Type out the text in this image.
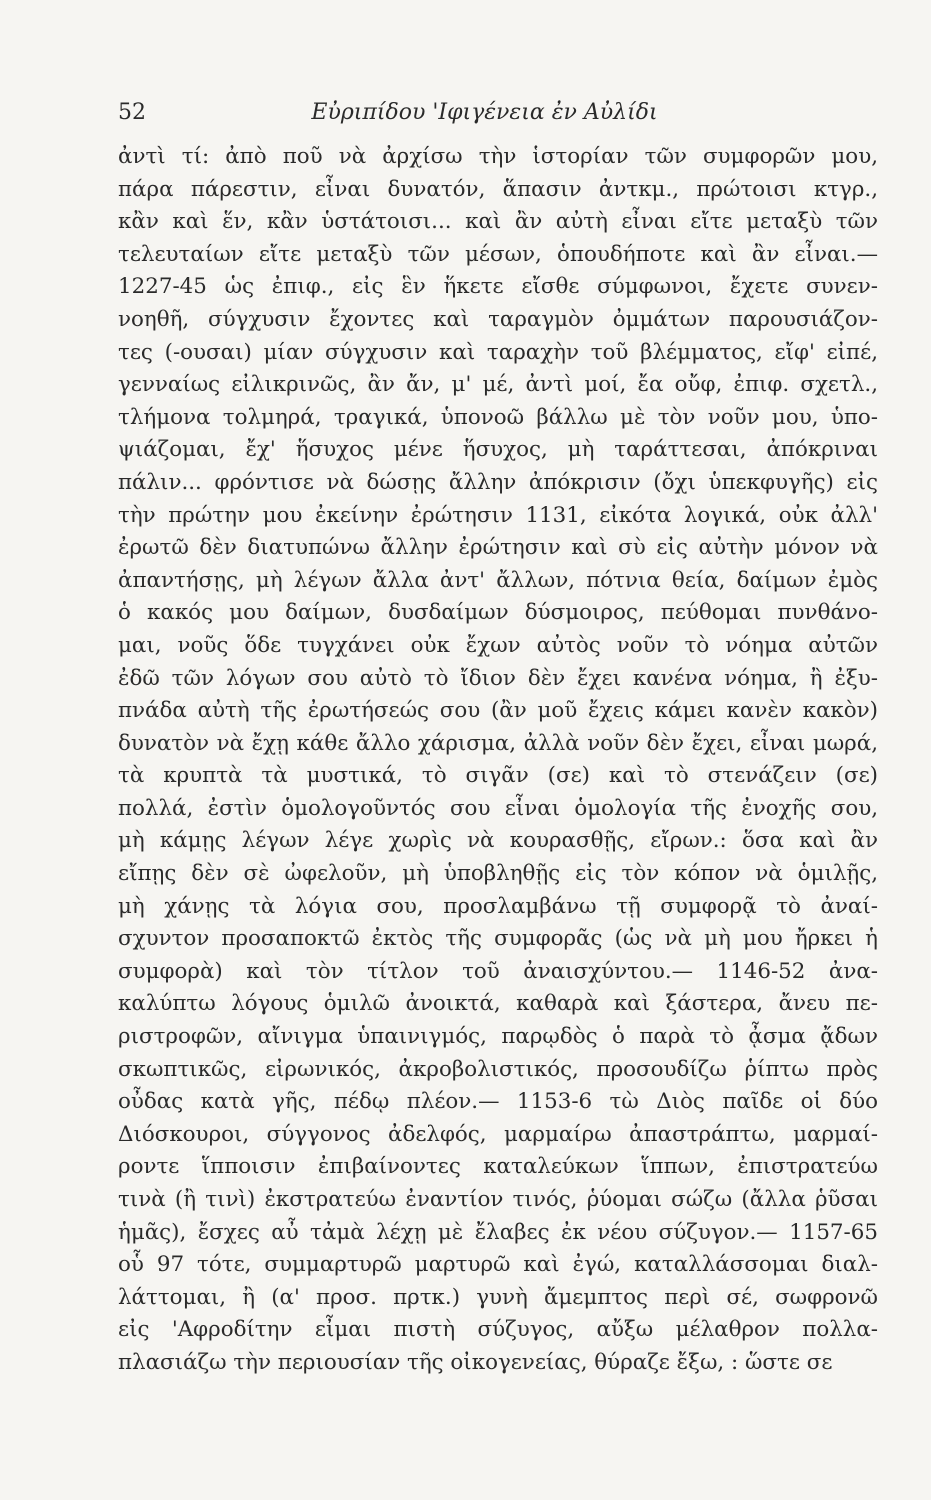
52	Εὐριπίδου 'Ιφιγένεια ἐν Αὐλίδι
ἀντὶ τί: ἀπὸ ποῦ νὰ ἀρχίσω τὴν ἱστορίαν τῶν συμφορῶν μου,
πάρα πάρεστιν, εἶναι δυνατόν, ἅπασιν ἀντκμ., πρώτοισι κτγρ.,
κἂν καὶ ἕν, κἂν ὑστάτοισι... καὶ ἂν αὐτὴ εἶναι εἴτε μεταξὺ τῶν
τελευταίων εἴτε μεταξὺ τῶν μέσων, ὁπουδήποτε καὶ ἂν εἶναι.—
1227-45 ὡς ἐπιφ., εἰς ἓν ἥκετε εἴσθε σύμφωνοι, ἔχετε συνεν-
νοηθῆ, σύγχυσιν ἔχοντες καὶ ταραγμὸν ὀμμάτων παρουσιάζον-
τες (-ουσαι) μίαν σύγχυσιν καὶ ταραχὴν τοῦ βλέμματος, εἴφ' εἰπέ,
γενναίως εἰλικρινῶς, ἂν ἄν, μ' μέ, ἀντὶ μοί, ἔα οὔφ, ἐπιφ. σχετλ.,
τλήμονα τολμηρά, τραγικά, ὑπονοῶ βάλλω μὲ τὸν νοῦν μου, ὑπο-
ψιάζομαι, ἔχ' ἥσυχος μένε ἥσυχος, μὴ ταράττεσαι, ἀπόκριναι
πάλιν... φρόντισε νὰ δώσῃς ἄλλην ἀπόκρισιν (ὄχι ὑπεκφυγῆς) εἰς
τὴν πρώτην μου ἐκείνην ἐρώτησιν 1131, εἰκότα λογικά, οὐκ ἀλλ'
ἐρωτῶ δὲν διατυπώνω ἄλλην ἐρώτησιν καὶ σὺ εἰς αὐτὴν μόνον νὰ
ἀπαντήσῃς, μὴ λέγων ἄλλα ἀντ' ἄλλων, πότνια θεία, δαίμων ἐμὸς
ὁ κακός μου δαίμων, δυσδαίμων δύσμοιρος, πεύθομαι πυνθάνο-
μαι, νοῦς ὅδε τυγχάνει οὐκ ἔχων αὐτὸς νοῦν τὸ νόημα αὐτῶν
ἐδῶ τῶν λόγων σου αὐτὸ τὸ ἴδιον δὲν ἔχει κανένα νόημα, ἢ ἐξυ-
πνάδα αὐτὴ τῆς ἐρωτήσεώς σου (ἂν μοῦ ἔχεις κάμει κανὲν κακὸν)
δυνατὸν νὰ ἔχῃ κάθε ἄλλο χάρισμα, ἀλλὰ νοῦν δὲν ἔχει, εἶναι μωρά,
τὰ κρυπτὰ τὰ μυστικά, τὸ σιγᾶν (σε) καὶ τὸ στενάζειν (σε)
πολλά, ἐστὶν ὁμολογοῦντός σου εἶναι ὁμολογία τῆς ἐνοχῆς σου,
μὴ κάμῃς λέγων λέγε χωρὶς νὰ κουρασθῇς, εἴρων.: ὅσα καὶ ἂν
εἴπῃς δὲν σὲ ὠφελοῦν, μὴ ὑποβληθῇς εἰς τὸν κόπον νὰ ὁμιλῇς,
μὴ χάνῃς τὰ λόγια σου, προσλαμβάνω τῇ συμφορᾷ τὸ ἀναί-
σχυντον προσαποκτῶ ἐκτὸς τῆς συμφορᾶς (ὡς νὰ μὴ μου ἤρκει ἡ
συμφορὰ) καὶ τὸν τίτλον τοῦ ἀναισχύντου.— 1146-52 ἀνα-
καλύπτω λόγους ὁμιλῶ ἀνοικτά, καθαρὰ καὶ ξάστερα, ἄνευ πε-
ριστροφῶν, αἴνιγμα ὑπαινιγμός, παρῳδὸς ὁ παρὰ τὸ ᾆσμα ᾄδων
σκωπτικῶς, εἰρωνικός, ἀκροβολιστικός, προσουδίζω ῥίπτω πρὸς
οὖδας κατὰ γῆς, πέδῳ πλέον.— 1153-6 τὼ Διὸς παῖδε οἱ δύο
Διόσκουροι, σύγγονος ἀδελφός, μαρμαίρω ἀπαστράπτω, μαρμαί-
ροντε ἵπποισιν ἐπιβαίνοντες καταλεύκων ἵππων, ἐπιστρατεύω
τινὰ (ἢ τινὶ) ἐκστρατεύω ἐναντίον τινός, ῥύομαι σώζω (ἄλλα ῥῦσαι
ἡμᾶς), ἔσχες αὖ τἀμὰ λέχῃ μὲ ἔλαβες ἐκ νέου σύζυγον.— 1157-65
οὗ 97 τότε, συμμαρτυρῶ μαρτυρῶ καὶ ἐγώ, καταλλάσσομαι διαλ-
λάττομαι, ἢ (α' προσ. πρτκ.) γυνὴ ἄμεμπτος περὶ σέ, σωφρονῶ
εἰς 'Αφροδίτην εἶμαι πιστὴ σύζυγος, αὔξω μέλαθρον πολλα-
πλασιάζω τὴν περιουσίαν τῆς οἰκογενείας, θύραζε ἔξω, : ὥστε σε
